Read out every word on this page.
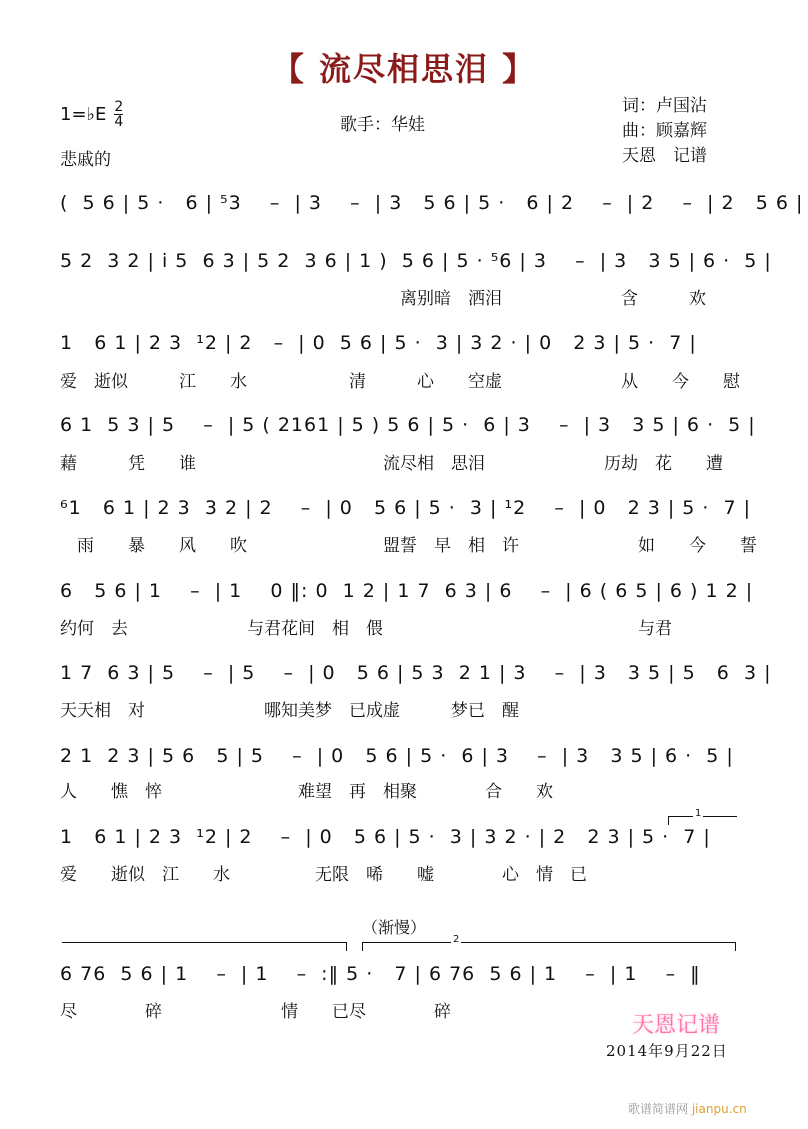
【 流尽相思泪 】
1=♭E $\frac{2}{4}$	歌手：华娃
词：卢国沾
曲：顾嘉辉
天恩　记谱
悲戚的
(  5 6 | 5 ·   6 | ⁵3    –  | 3    –  | 3   5 6 | 5 ·   6 | 2    –  | 2    –  | 2   5 6 |
5 2  3 2 | i̇ 5  6 3 | 5 2  3 6 | 1 )  5 6 | 5 · ⁵6 | 3    –  | 3   3 5 | 6 ·  5 |
　　　　　　　　　　　　　　　　　　　　离别暗　洒泪　　　　　　　含　　　欢
1   6 1 | 2 3  ¹2 | 2   –  | 0  5 6 | 5 ·  3 | 3 2 · | 0   2 3 | 5 ·  7 |
爱　逝似　　　江　　水　　　　　　清　　　心　　空虚　　　　　　　从　　今　　慰
6 1  5 3 | 5    –  | 5 ( 2161 | 5 ) 5 6 | 5 ·  6 | 3    –  | 3   3 5 | 6 ·  5 |
藉　　　凭　　谁　　　　　　　　　　　流尽相　思泪　　　　　　　历劫　花　　遭
⁶1   6 1 | 2 3  3 2 | 2    –  | 0   5 6 | 5 ·  3 | ¹2    –  | 0   2 3 | 5 ·  7 |
　雨　　暴　　风　　吹　　　　　　　　盟誓　早　相　许　　　　　　　如　　今　　誓
6   5 6 | 1    –  | 1    0 ‖: 0  1 2 | 1 7  6 3 | 6    –  | 6 ( 6 5 | 6 ) 1 2 |
约何　去　　　　　　　与君花间　相　偎　　　　　　　　　　　　　　　与君
1 7  6 3 | 5    –  | 5    –  | 0   5 6 | 5 3  2 1 | 3    –  | 3   3 5 | 5   6  3 |
天天相　对　　　　　　　哪知美梦　已成虚　　　梦已　醒
2 1  2 3 | 5 6   5 | 5    –  | 0   5 6 | 5 ·  6 | 3    –  | 3   3 5 | 6 ·  5 |
人　　憔　悴　　　　　　　　难望　再　相聚　　　　合　　欢
1
1   6 1 | 2 3  ¹2 | 2    –  | 0   5 6 | 5 ·  3 | 3 2 · | 2   2 3 | 5 ·  7 |
爱　　逝似　江　　水　　　　　无限　唏　　嘘　　　　心　情　已
（渐慢）
2
6 76  5 6 | 1    –  | 1    –  :‖ 5 ·   7 | 6 76  5 6 | 1    –  | 1    –  ‖
尽　　　　碎　　　　　　　情　　已尽　　　　碎
天恩记谱
2014年9月22日
歌谱简谱网 jianpu.cn
